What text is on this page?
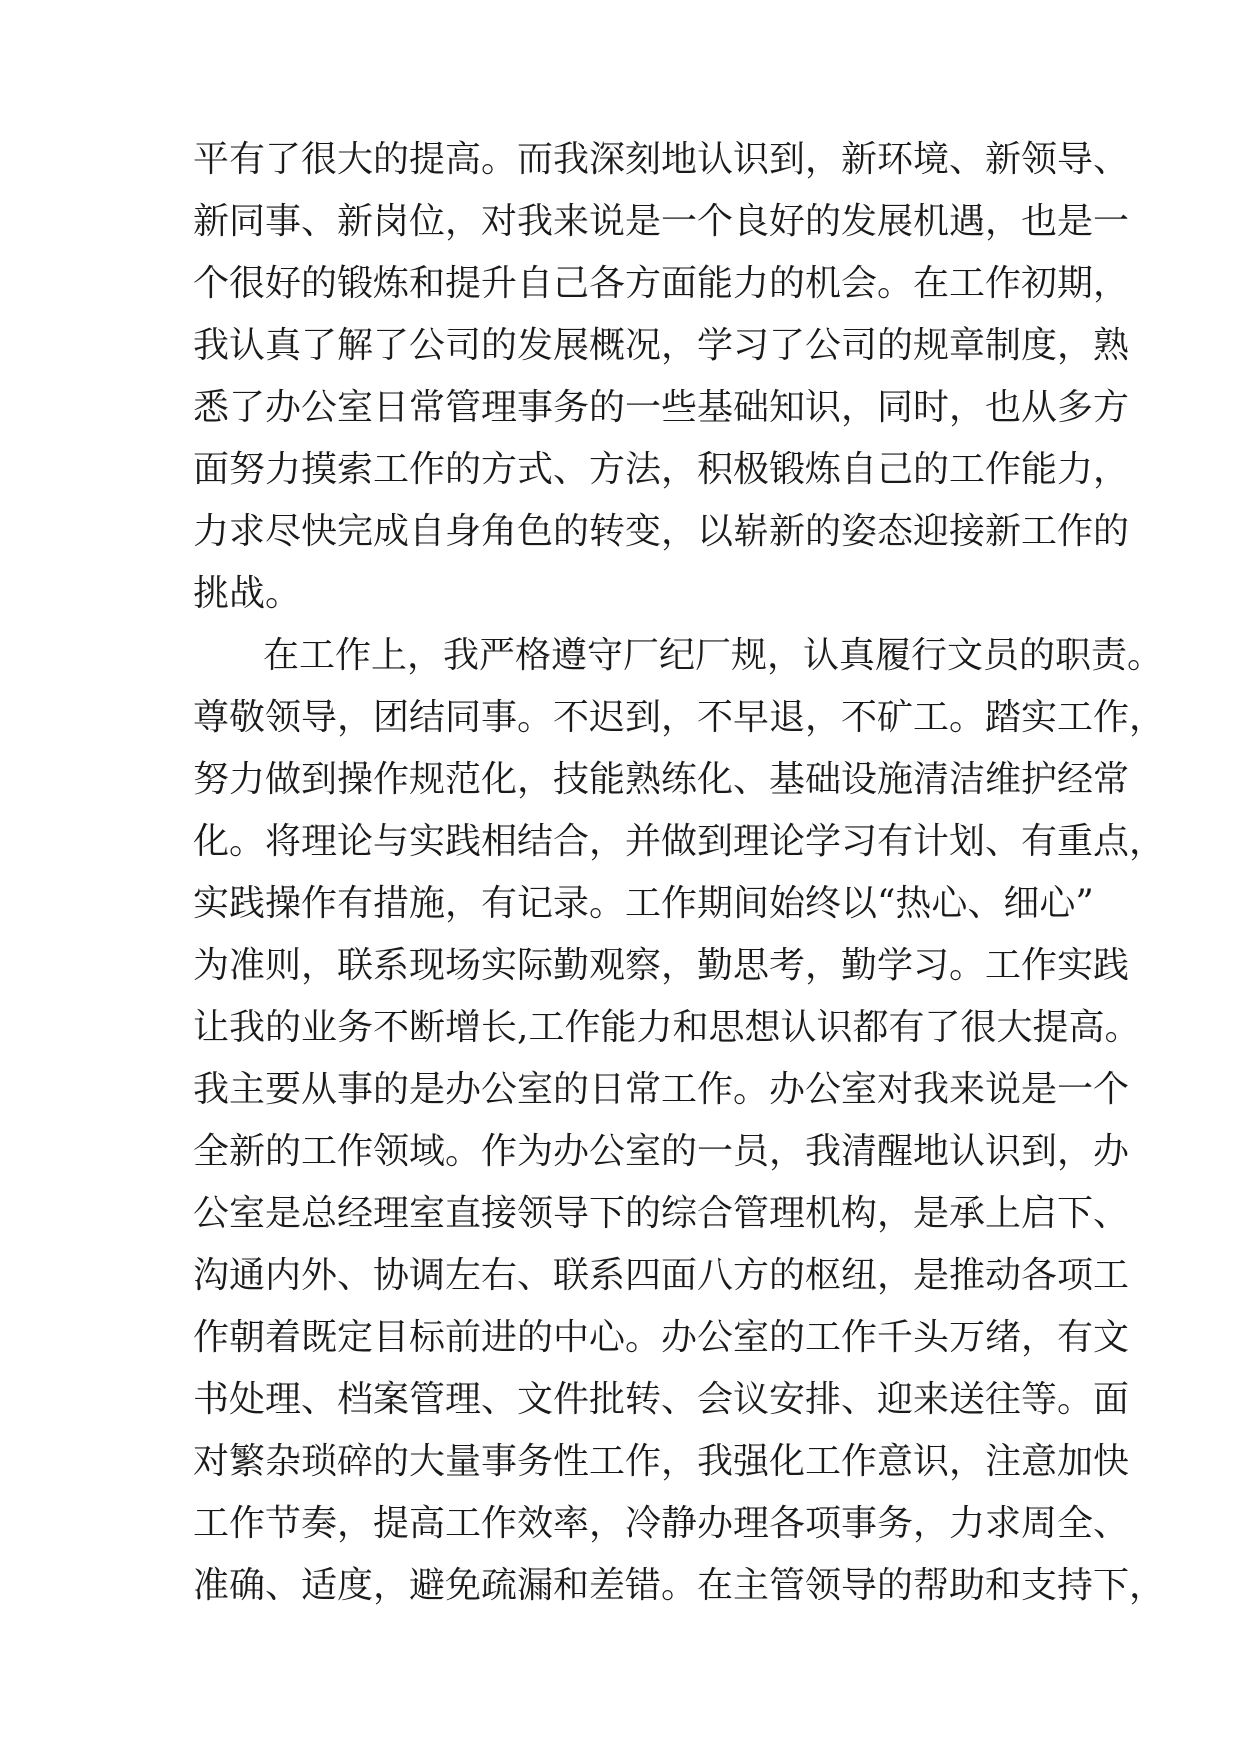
平有了很大的提高。而我深刻地认识到，新环境、新领导、
新同事、新岗位，对我来说是一个良好的发展机遇，也是一
个很好的锻炼和提升自己各方面能力的机会。在工作初期，
我认真了解了公司的发展概况，学习了公司的规章制度，熟
悉了办公室日常管理事务的一些基础知识，同时，也从多方
面努力摸索工作的方式、方法，积极锻炼自己的工作能力，
力求尽快完成自身角色的转变，以崭新的姿态迎接新工作的
挑战。
在工作上，我严格遵守厂纪厂规，认真履行文员的职责。
尊敬领导，团结同事。不迟到，不早退，不矿工。踏实工作，
努力做到操作规范化，技能熟练化、基础设施清洁维护经常
化。将理论与实践相结合，并做到理论学习有计划、有重点，
实践操作有措施，有记录。工作期间始终以“热心、细心”
为准则，联系现场实际勤观察，勤思考，勤学习。工作实践
让我的业务不断增长,工作能力和思想认识都有了很大提高。
我主要从事的是办公室的日常工作。办公室对我来说是一个
全新的工作领域。作为办公室的一员，我清醒地认识到，办
公室是总经理室直接领导下的综合管理机构，是承上启下、
沟通内外、协调左右、联系四面八方的枢纽，是推动各项工
作朝着既定目标前进的中心。办公室的工作千头万绪，有文
书处理、档案管理、文件批转、会议安排、迎来送往等。面
对繁杂琐碎的大量事务性工作，我强化工作意识，注意加快
工作节奏，提高工作效率，冷静办理各项事务，力求周全、
准确、适度，避免疏漏和差错。在主管领导的帮助和支持下，
